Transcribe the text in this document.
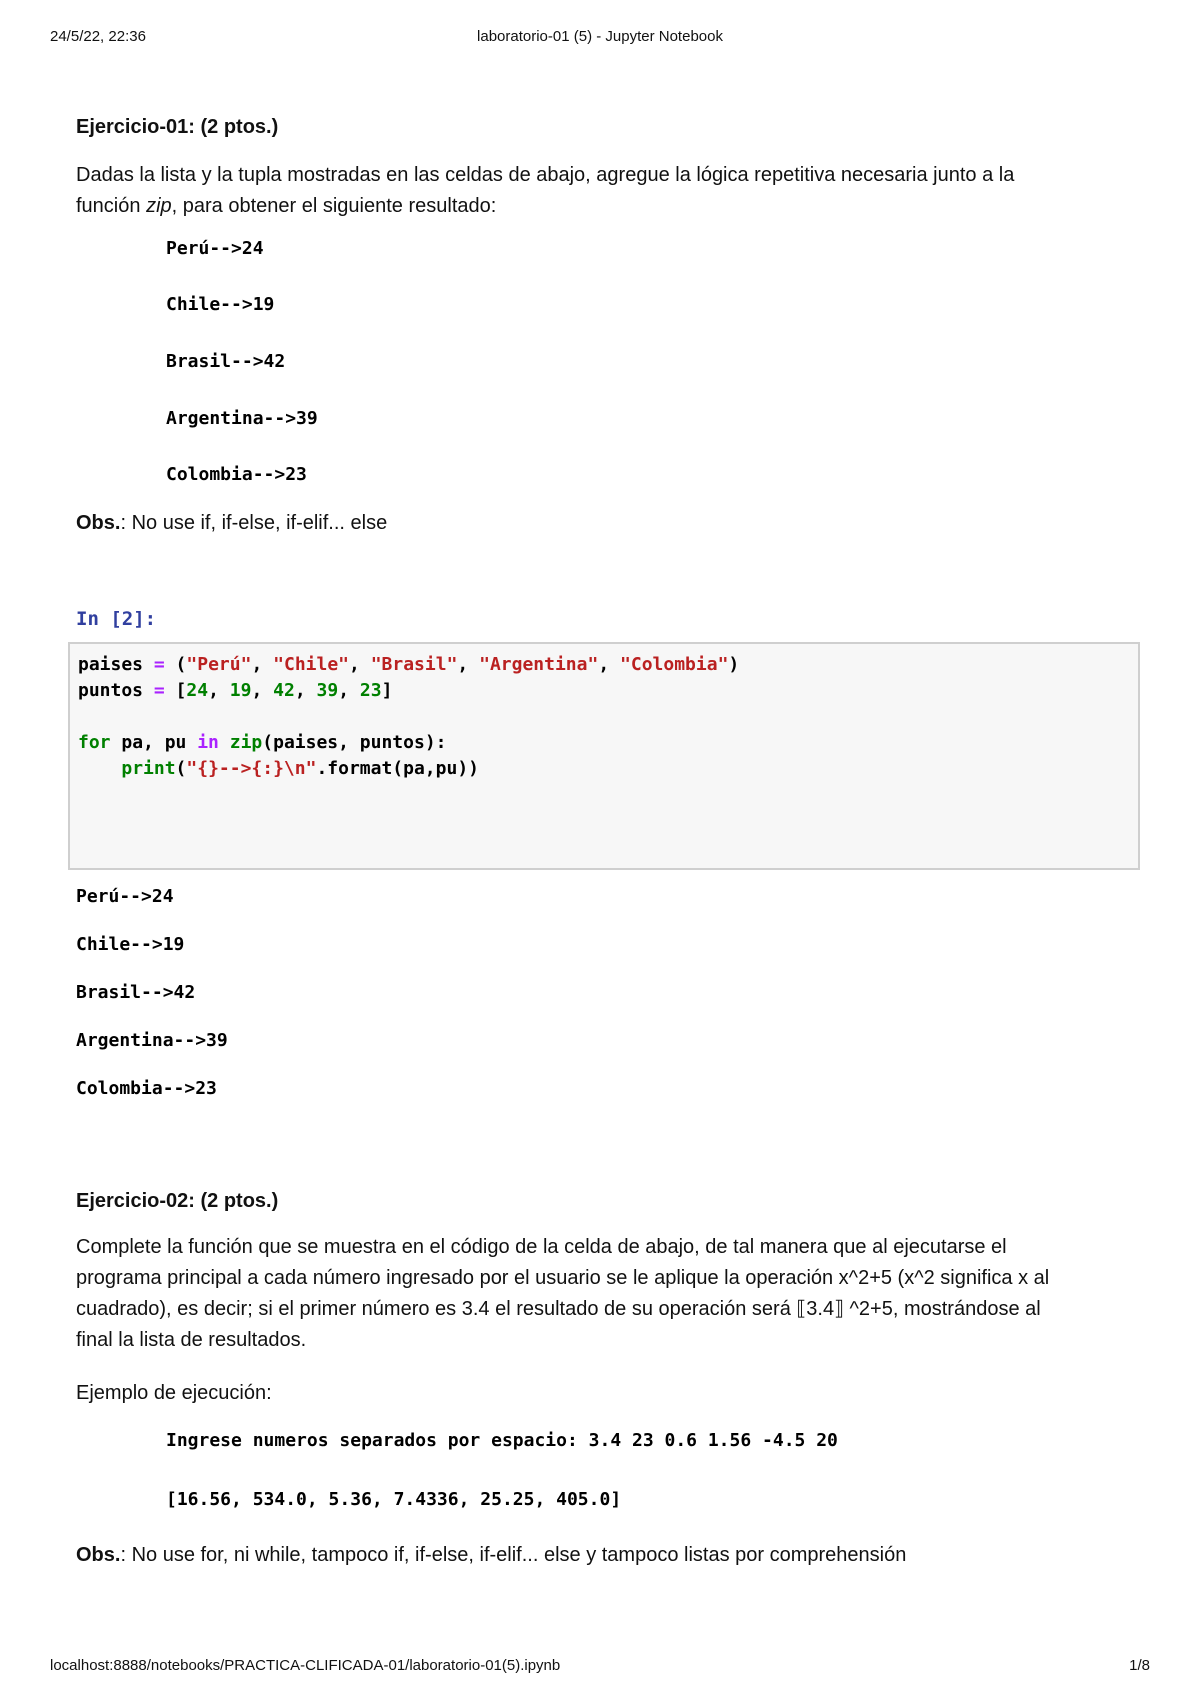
24/5/22, 22:36	laboratorio-01 (5) - Jupyter Notebook
Ejercicio-01: (2 ptos.)
Dadas la lista y la tupla mostradas en las celdas de abajo, agregue la lógica repetitiva necesaria junto a la
función zip, para obtener el siguiente resultado:
Perú-->24
Chile-->19
Brasil-->42
Argentina-->39
Colombia-->23
Obs.: No use if, if-else, if-elif... else
In [2]:
paises = ("Perú", "Chile", "Brasil", "Argentina", "Colombia")
puntos = [24, 19, 42, 39, 23]

for pa, pu in zip(paises, puntos):
print("{}-->{:}\n".format(pa,pu))
Perú-->24
Chile-->19
Brasil-->42
Argentina-->39
Colombia-->23
Ejercicio-02: (2 ptos.)
Complete la función que se muestra en el código de la celda de abajo, de tal manera que al ejecutarse el
programa principal a cada número ingresado por el usuario se le aplique la operación x^2+5 (x^2 significa x al
cuadrado), es decir; si el primer número es 3.4 el resultado de su operación será ⟦3.4⟧ ^2+5, mostrándose al
final la lista de resultados.
Ejemplo de ejecución:
Ingrese numeros separados por espacio: 3.4 23 0.6 1.56 -4.5 20
[16.56, 534.0, 5.36, 7.4336, 25.25, 405.0]
Obs.: No use for, ni while, tampoco if, if-else, if-elif... else y tampoco listas por comprehensión
localhost:8888/notebooks/PRACTICA-CLIFICADA-01/laboratorio-01(5).ipynb	1/8
